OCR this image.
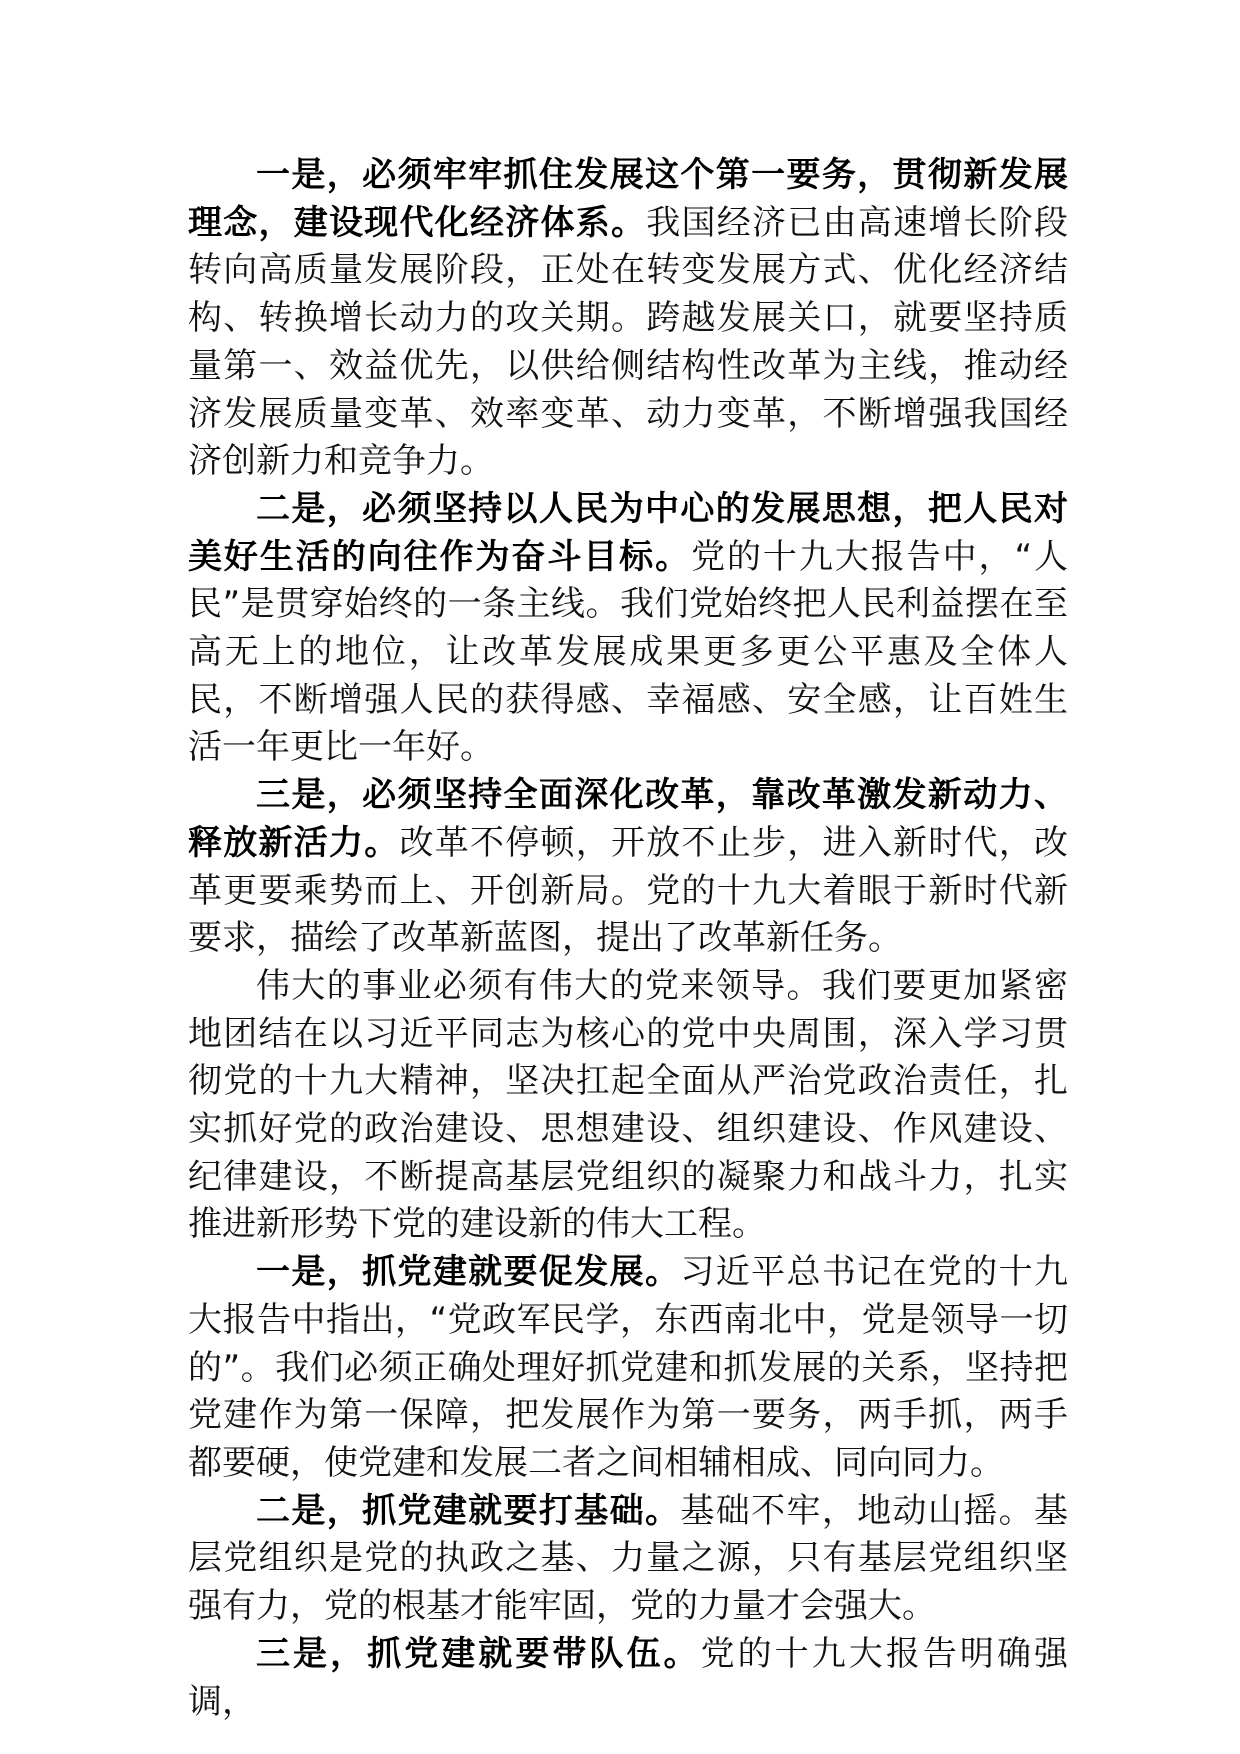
一是，必须牢牢抓住发展这个第一要务，贯彻新发展理念，建设现代化经济体系。我国经济已由高速增长阶段转向高质量发展阶段，正处在转变发展方式、优化经济结构、转换增长动力的攻关期。跨越发展关口，就要坚持质量第一、效益优先，以供给侧结构性改革为主线，推动经济发展质量变革、效率变革、动力变革，不断增强我国经济创新力和竞争力。

二是，必须坚持以人民为中心的发展思想，把人民对美好生活的向往作为奋斗目标。党的十九大报告中，“人民”是贯穿始终的一条主线。我们党始终把人民利益摆在至高无上的地位，让改革发展成果更多更公平惠及全体人民，不断增强人民的获得感、幸福感、安全感，让百姓生活一年更比一年好。

三是，必须坚持全面深化改革，靠改革激发新动力、释放新活力。改革不停顿，开放不止步，进入新时代，改革更要乘势而上、开创新局。党的十九大着眼于新时代新要求，描绘了改革新蓝图，提出了改革新任务。

伟大的事业必须有伟大的党来领导。我们要更加紧密地团结在以习近平同志为核心的党中央周围，深入学习贯彻党的十九大精神，坚决扛起全面从严治党政治责任，扎实抓好党的政治建设、思想建设、组织建设、作风建设、纪律建设，不断提高基层党组织的凝聚力和战斗力，扎实推进新形势下党的建设新的伟大工程。

一是，抓党建就要促发展。习近平总书记在党的十九大报告中指出，“党政军民学，东西南北中，党是领导一切的”。我们必须正确处理好抓党建和抓发展的关系，坚持把党建作为第一保障，把发展作为第一要务，两手抓，两手都要硬，使党建和发展二者之间相辅相成、同向同力。

二是，抓党建就要打基础。基础不牢，地动山摇。基层党组织是党的执政之基、力量之源，只有基层党组织坚强有力，党的根基才能牢固，党的力量才会强大。

三是，抓党建就要带队伍。党的十九大报告明确强调，
